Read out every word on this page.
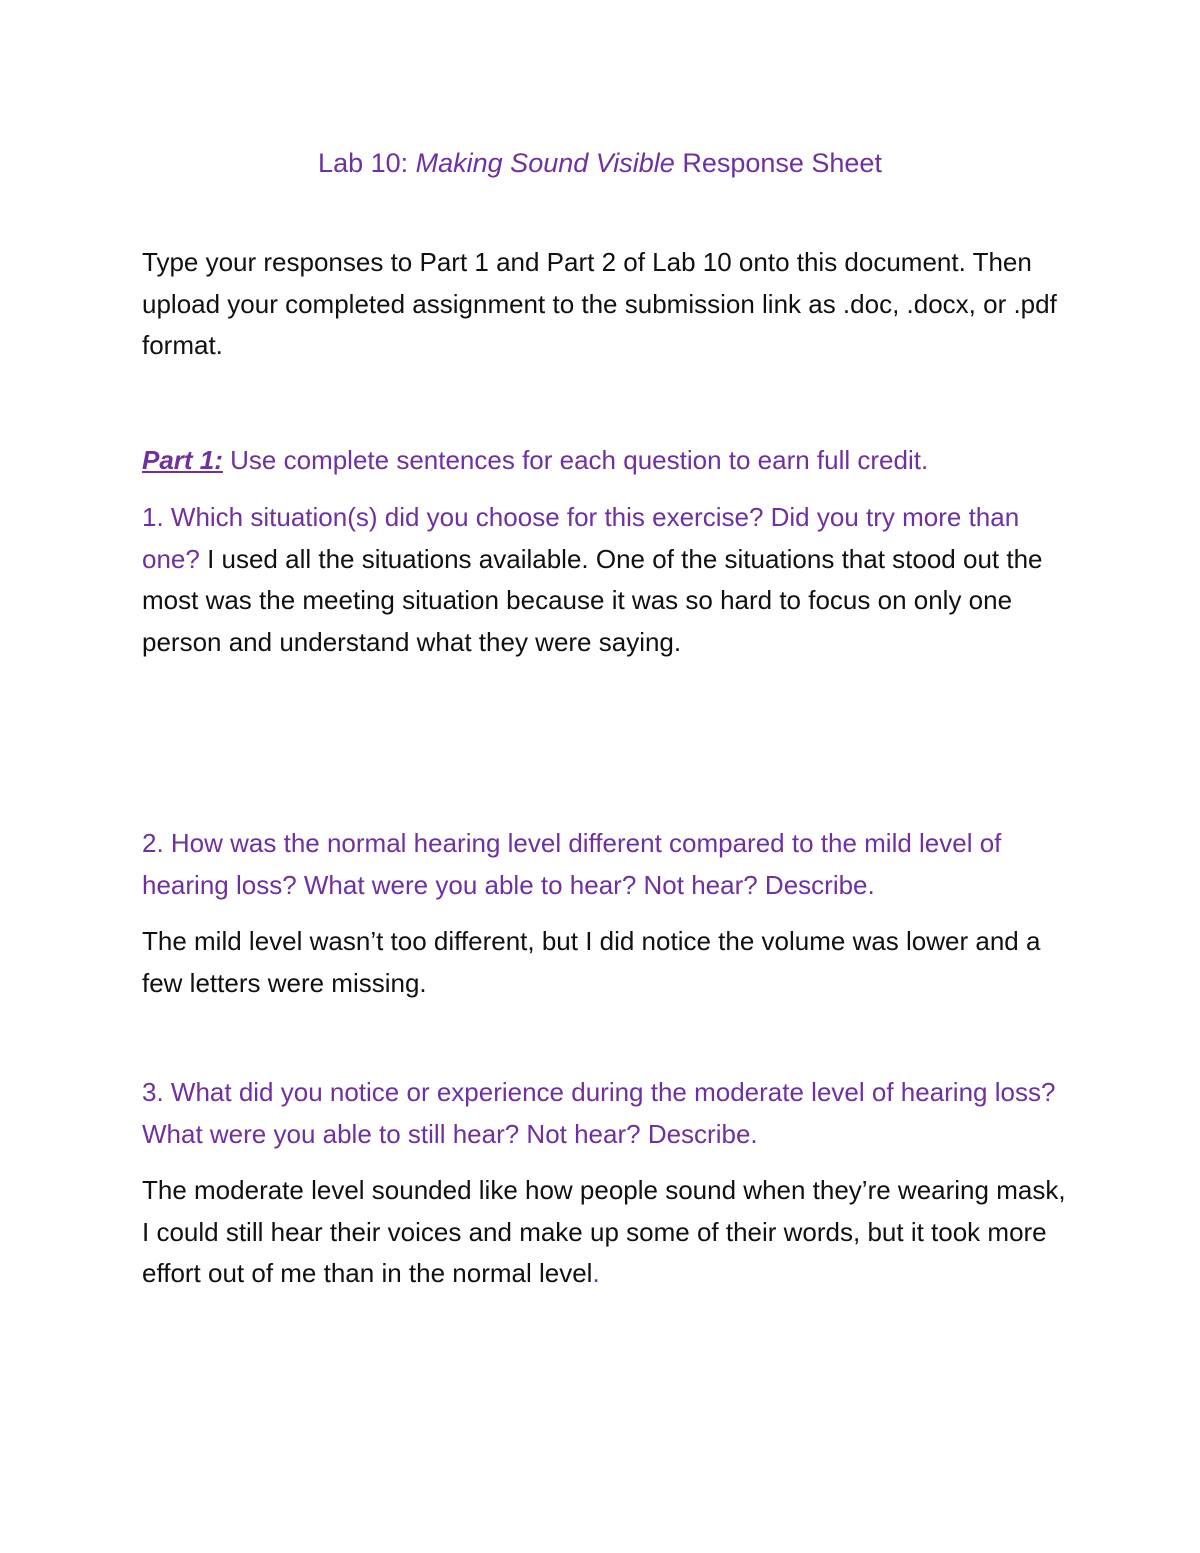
Lab 10: Making Sound Visible Response Sheet

Type your responses to Part 1 and Part 2 of Lab 10 onto this document. Then upload your completed assignment to the submission link as .doc, .docx, or .pdf format.

Part 1: Use complete sentences for each question to earn full credit.

1. Which situation(s) did you choose for this exercise? Did you try more than one? I used all the situations available. One of the situations that stood out the most was the meeting situation because it was so hard to focus on only one person and understand what they were saying.

2. How was the normal hearing level different compared to the mild level of hearing loss? What were you able to hear? Not hear? Describe.

The mild level wasn’t too different, but I did notice the volume was lower and a few letters were missing.

3. What did you notice or experience during the moderate level of hearing loss? What were you able to still hear? Not hear? Describe.

The moderate level sounded like how people sound when they’re wearing mask, I could still hear their voices and make up some of their words, but it took more effort out of me than in the normal level.
